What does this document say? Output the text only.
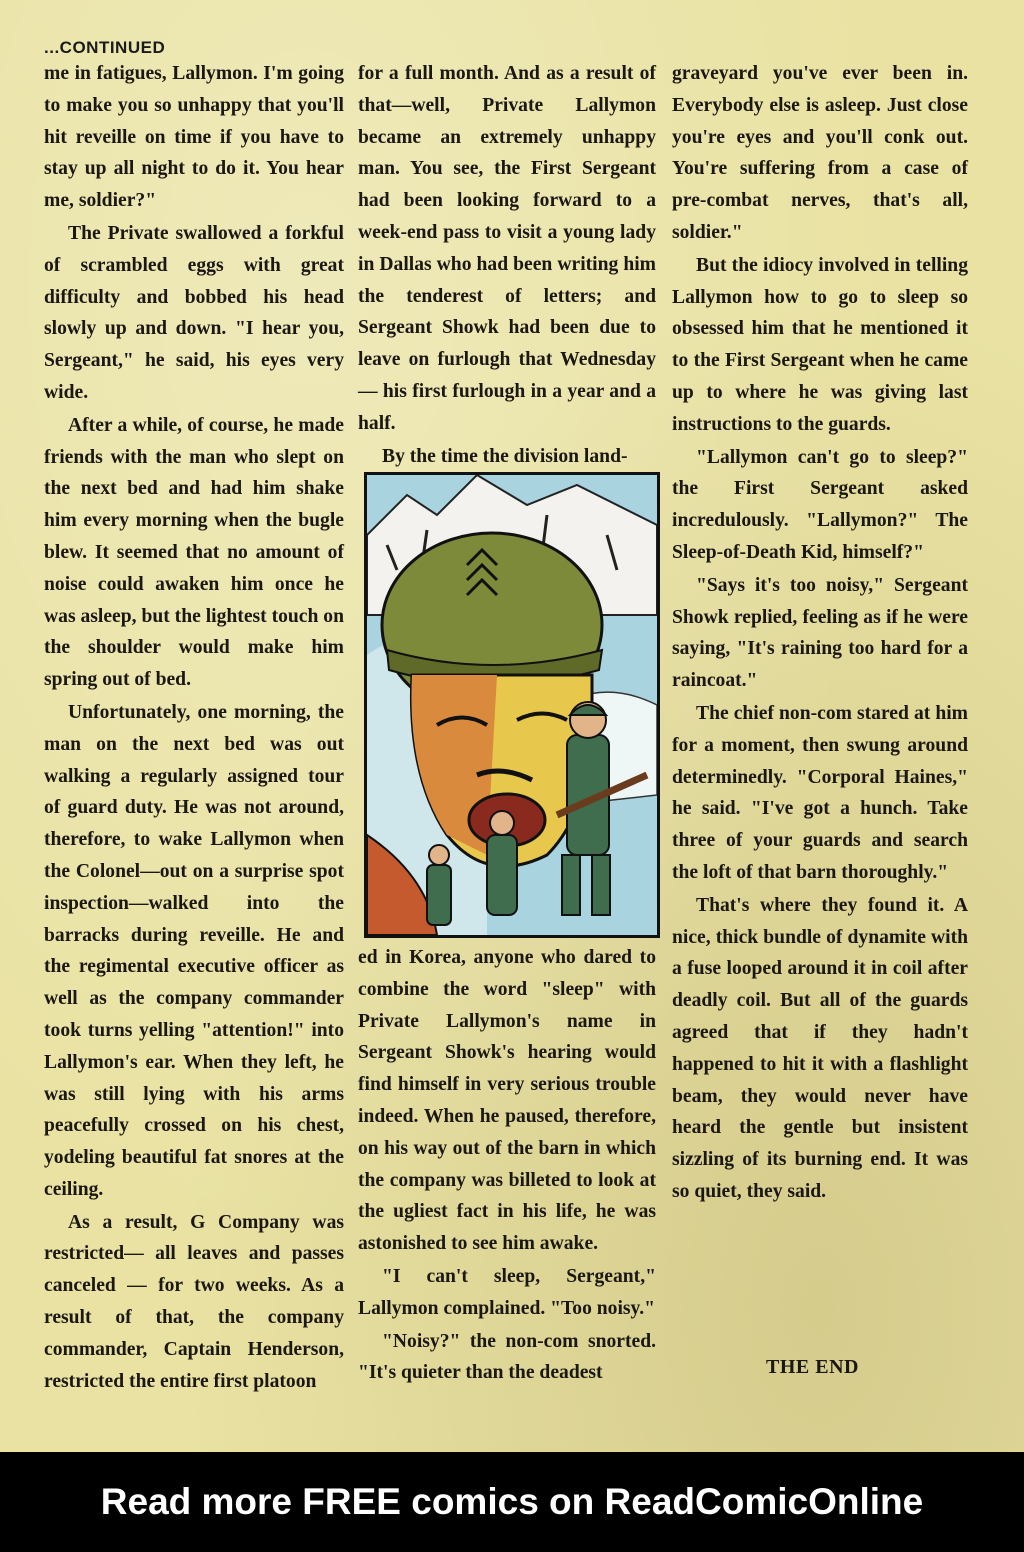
...CONTINUED

me in fatigues, Lallymon. I'm going to make you so unhappy that you'll hit reveille on time if you have to stay up all night to do it. You hear me, soldier?"

The Private swallowed a forkful of scrambled eggs with great difficulty and bobbed his head slowly up and down. "I hear you, Sergeant," he said, his eyes very wide.

After a while, of course, he made friends with the man who slept on the next bed and had him shake him every morning when the bugle blew. It seemed that no amount of noise could awaken him once he was asleep, but the lightest touch on the shoulder would make him spring out of bed.

Unfortunately, one morning, the man on the next bed was out walking a regularly assigned tour of guard duty. He was not around, therefore, to wake Lallymon when the Colonel—out on a surprise spot inspection—walked into the barracks during reveille. He and the regimental executive officer as well as the company commander took turns yelling "attention!" into Lallymon's ear. When they left, he was still lying with his arms peacefully crossed on his chest, yodeling beautiful fat snores at the ceiling.

As a result, G Company was restricted— all leaves and passes canceled — for two weeks. As a result of that, the company commander, Captain Henderson, restricted the entire first platoon

for a full month. And as a result of that—well, Private Lallymon became an extremely unhappy man. You see, the First Sergeant had been looking forward to a week-end pass to visit a young lady in Dallas who had been writing him the tenderest of letters; and Sergeant Showk had been due to leave on furlough that Wednesday — his first furlough in a year and a half.

By the time the division land-

ed in Korea, anyone who dared to combine the word "sleep" with Private Lallymon's name in Sergeant Showk's hearing would find himself in very serious trouble indeed. When he paused, therefore, on his way out of the barn in which the company was billeted to look at the ugliest fact in his life, he was astonished to see him awake.

"I can't sleep, Sergeant," Lallymon complained. "Too noisy."

"Noisy?" the non-com snorted. "It's quieter than the deadest

graveyard you've ever been in. Everybody else is asleep. Just close you're eyes and you'll conk out. You're suffering from a case of pre-combat nerves, that's all, soldier."

But the idiocy involved in telling Lallymon how to go to sleep so obsessed him that he mentioned it to the First Sergeant when he came up to where he was giving last instructions to the guards.

"Lallymon can't go to sleep?" the First Sergeant asked incredulously. "Lallymon?" The Sleep-of-Death Kid, himself?"

"Says it's too noisy," Sergeant Showk replied, feeling as if he were saying, "It's raining too hard for a raincoat."

The chief non-com stared at him for a moment, then swung around determinedly. "Corporal Haines," he said. "I've got a hunch. Take three of your guards and search the loft of that barn thoroughly."

That's where they found it. A nice, thick bundle of dynamite with a fuse looped around it in coil after deadly coil. But all of the guards agreed that if they hadn't happened to hit it with a flashlight beam, they would never have heard the gentle but insistent sizzling of its burning end. It was so quiet, they said.

THE END
Read more FREE comics on ReadComicOnline
